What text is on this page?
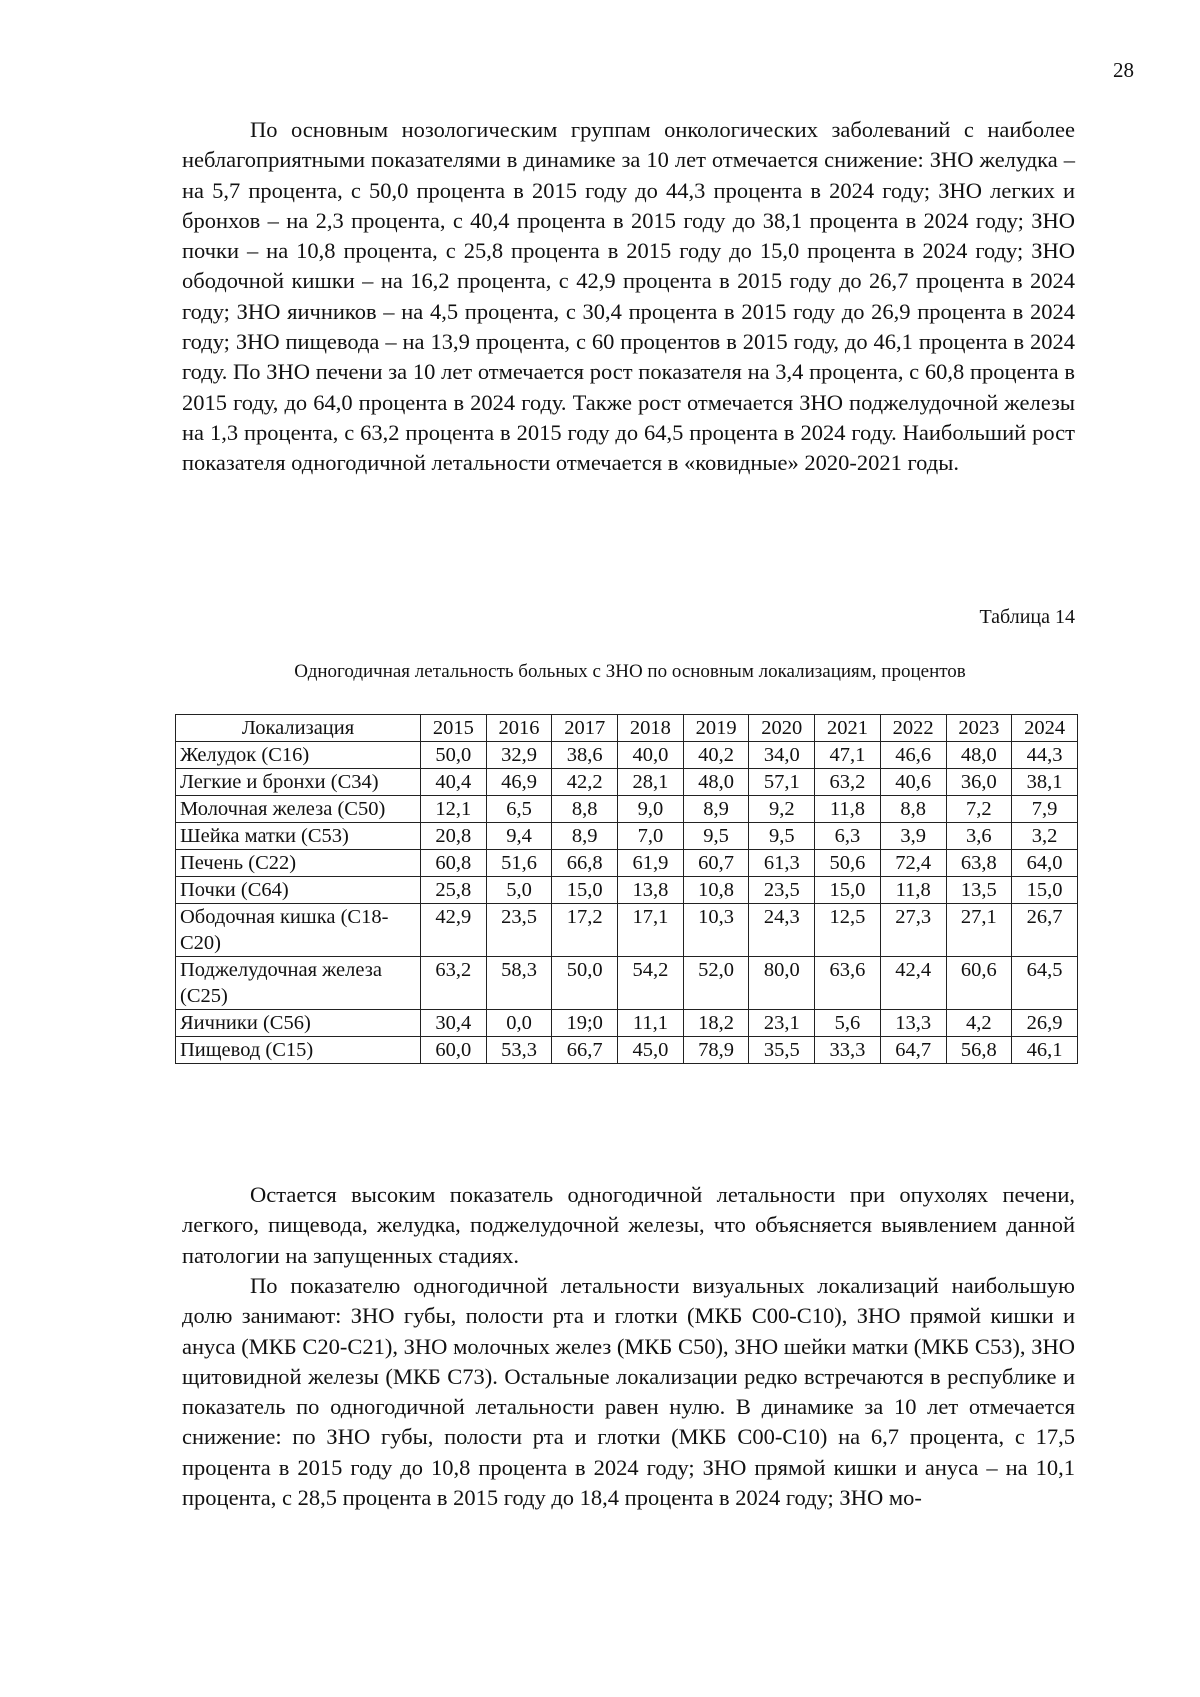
28

По основным нозологическим группам онкологических заболеваний с наиболее неблагоприятными показателями в динамике за 10 лет отмечается снижение: ЗНО желудка – на 5,7 процента, с 50,0 процента в 2015 году до 44,3 процента в 2024 году; ЗНО легких и бронхов – на 2,3 процента, с 40,4 процента в 2015 году до 38,1 процента в 2024 году; ЗНО почки – на 10,8 процента, с 25,8 процента в 2015 году до 15,0 процента в 2024 году; ЗНО ободочной кишки – на 16,2 процента, с 42,9 процента в 2015 году до 26,7 процента в 2024 году; ЗНО яичников – на 4,5 процента, с 30,4 процента в 2015 году до 26,9 процента в 2024 году; ЗНО пищевода – на 13,9 процента, с 60 процентов в 2015 году, до 46,1 процента в 2024 году. По ЗНО печени за 10 лет отмечается рост показателя на 3,4 процента, с 60,8 процента в 2015 году, до 64,0 процента в 2024 году. Также рост отмечается ЗНО поджелудочной железы на 1,3 процента, с 63,2 процента в 2015 году до 64,5 процента в 2024 году. Наибольший рост показателя одногодичной летальности отмечается в «ковидные» 2020-2021 годы.

Таблица 14
Одногодичная летальность больных с ЗНО по основным локализациям, процентов
Локализация	2015	2016	2017	2018	2019	2020	2021	2022	2023	2024
Желудок (С16)	50,0	32,9	38,6	40,0	40,2	34,0	47,1	46,6	48,0	44,3
Легкие и бронхи (С34)	40,4	46,9	42,2	28,1	48,0	57,1	63,2	40,6	36,0	38,1
Молочная железа (С50)	12,1	6,5	8,8	9,0	8,9	9,2	11,8	8,8	7,2	7,9
Шейка матки (С53)	20,8	9,4	8,9	7,0	9,5	9,5	6,3	3,9	3,6	3,2
Печень (С22)	60,8	51,6	66,8	61,9	60,7	61,3	50,6	72,4	63,8	64,0
Почки (С64)	25,8	5,0	15,0	13,8	10,8	23,5	15,0	11,8	13,5	15,0
Ободочная кишка (С18-С20)	42,9	23,5	17,2	17,1	10,3	24,3	12,5	27,3	27,1	26,7
Поджелудочная железа (С25)	63,2	58,3	50,0	54,2	52,0	80,0	63,6	42,4	60,6	64,5
Яичники (С56)	30,4	0,0	19;0	11,1	18,2	23,1	5,6	13,3	4,2	26,9
Пищевод (С15)	60,0	53,3	66,7	45,0	78,9	35,5	33,3	64,7	56,8	46,1

Остается высоким показатель одногодичной летальности при опухолях печени, легкого, пищевода, желудка, поджелудочной железы, что объясняется выявлением данной патологии на запущенных стадиях.

По показателю одногодичной летальности визуальных локализаций наибольшую долю занимают: ЗНО губы, полости рта и глотки (МКБ С00-С10), ЗНО прямой кишки и ануса (МКБ С20-С21), ЗНО молочных желез (МКБ С50), ЗНО шейки матки (МКБ С53), ЗНО щитовидной железы (МКБ С73). Остальные локализации редко встречаются в республике и показатель по одногодичной летальности равен нулю. В динамике за 10 лет отмечается снижение: по ЗНО губы, полости рта и глотки (МКБ С00-С10) на 6,7 процента, с 17,5 процента в 2015 году до 10,8 процента в 2024 году; ЗНО прямой кишки и ануса – на 10,1 процента, с 28,5 процента в 2015 году до 18,4 процента в 2024 году; ЗНО мо-
